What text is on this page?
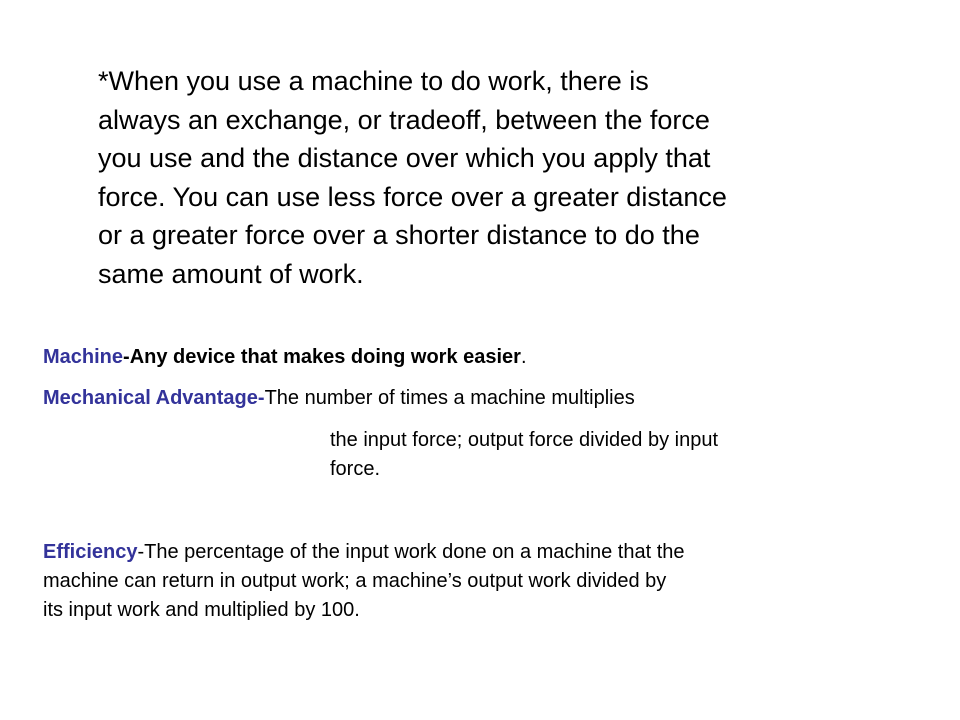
*When you use a machine to do work, there is

always an exchange, or tradeoff, between the force

you use and the distance over which you apply that

force. You can use less force over a greater distance

or a greater force over a shorter distance to do the

same amount of work.

Machine-Any device that makes doing work easier.
Mechanical Advantage-The number of times a machine multiplies

the input force; output force divided by input

force.

Efficiency-The percentage of the input work done on a machine that the

machine can return in output work; a machine’s output work divided by

its input work and multiplied by 100.
